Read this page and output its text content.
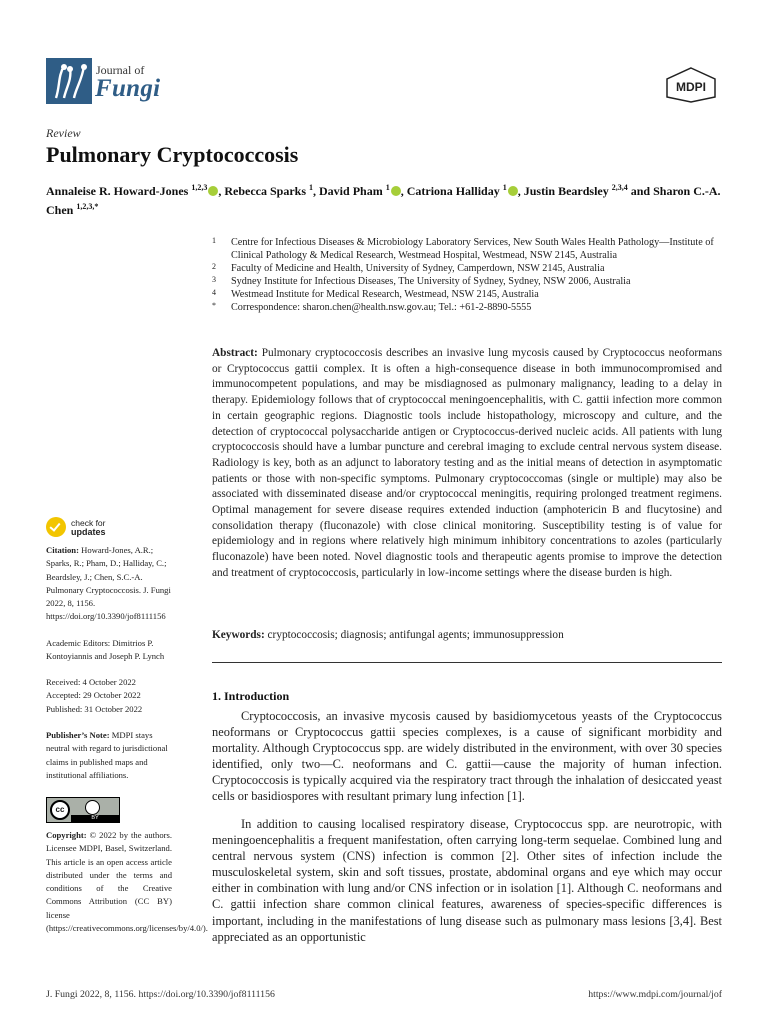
Journal of
Fungi	MDPI
Review
Pulmonary Cryptococcosis
Annaleise R. Howard-Jones $^{1,2,3}$ , Rebecca Sparks $^1$, David Pham $^1$ , Catriona Halliday $^1$ , Justin Beardsley $^{2,3,4}$ and Sharon C.-A. Chen $^{1,2,3,*}$
1 Centre for Infectious Diseases & Microbiology Laboratory Services, New South Wales Health Pathology—Institute of Clinical Pathology & Medical Research, Westmead Hospital, Westmead, NSW 2145, Australia
2 Faculty of Medicine and Health, University of Sydney, Camperdown, NSW 2145, Australia
3 Sydney Institute for Infectious Diseases, The University of Sydney, Sydney, NSW 2006, Australia
4 Westmead Institute for Medical Research, Westmead, NSW 2145, Australia
* Correspondence: sharon.chen@health.nsw.gov.au; Tel.: +61-2-8890-5555
Abstract: Pulmonary cryptococcosis describes an invasive lung mycosis caused by Cryptococcus neoformans or Cryptococcus gattii complex. It is often a high-consequence disease in both immunocompromised and immunocompetent populations, and may be misdiagnosed as pulmonary malignancy, leading to a delay in therapy. Epidemiology follows that of cryptococcal meningoencephalitis, with C. gattii infection more common in certain geographic regions. Diagnostic tools include histopathology, microscopy and culture, and the detection of cryptococcal polysaccharide antigen or Cryptococcus-derived nucleic acids. All patients with lung cryptococcosis should have a lumbar puncture and cerebral imaging to exclude central nervous system disease. Radiology is key, both as an adjunct to laboratory testing and as the initial means of detection in asymptomatic patients or those with non-specific symptoms. Pulmonary cryptococcomas (single or multiple) may also be associated with disseminated disease and/or cryptococcal meningitis, requiring prolonged treatment regimens. Optimal management for severe disease requires extended induction (amphotericin B and flucytosine) and consolidation therapy (fluconazole) with close clinical monitoring. Susceptibility testing is of value for epidemiology and in regions where relatively high minimum inhibitory concentrations to azoles (particularly fluconazole) have been noted. Novel diagnostic tools and therapeutic agents promise to improve the detection and treatment of cryptococcosis, particularly in low-income settings where the disease burden is high.
Keywords: cryptococcosis; diagnosis; antifungal agents; immunosuppression
check for
updates
Citation: Howard-Jones, A.R.; Sparks, R.; Pham, D.; Halliday, C.; Beardsley, J.; Chen, S.C.-A. Pulmonary Cryptococcosis. J. Fungi 2022, 8, 1156. https://doi.org/10.3390/jof8111156
Academic Editors: Dimitrios P. Kontoyiannis and Joseph P. Lynch
Received: 4 October 2022
Accepted: 29 October 2022
Published: 31 October 2022
Publisher’s Note: MDPI stays neutral with regard to jurisdictional claims in published maps and institutional affiliations.
cc
BY
Copyright: © 2022 by the authors. Licensee MDPI, Basel, Switzerland. This article is an open access article distributed under the terms and conditions of the Creative Commons Attribution (CC BY) license (https://creativecommons.org/licenses/by/4.0/).
1. Introduction
Cryptococcosis, an invasive mycosis caused by basidiomycetous yeasts of the Cryptococcus neoformans or Cryptococcus gattii species complexes, is a cause of significant morbidity and mortality. Although Cryptococcus spp. are widely distributed in the environment, with over 30 species identified, only two—C. neoformans and C. gattii—cause the majority of human infection. Cryptococcosis is typically acquired via the respiratory tract through the inhalation of desiccated yeast cells or basidiospores with resultant primary lung infection [1].
In addition to causing localised respiratory disease, Cryptococcus spp. are neurotropic, with meningoencephalitis a frequent manifestation, often carrying long-term sequelae. Combined lung and central nervous system (CNS) infection is common [2]. Other sites of infection include the musculoskeletal system, skin and soft tissues, prostate, abdominal organs and eye which may occur either in combination with lung and/or CNS infection or in isolation [1]. Although C. neoformans and C. gattii infection share common clinical features, awareness of species-specific differences is important, including in the manifestations of lung disease such as pulmonary mass lesions [3,4]. Best appreciated as an opportunistic
J. Fungi 2022, 8, 1156. https://doi.org/10.3390/jof8111156	https://www.mdpi.com/journal/jof
